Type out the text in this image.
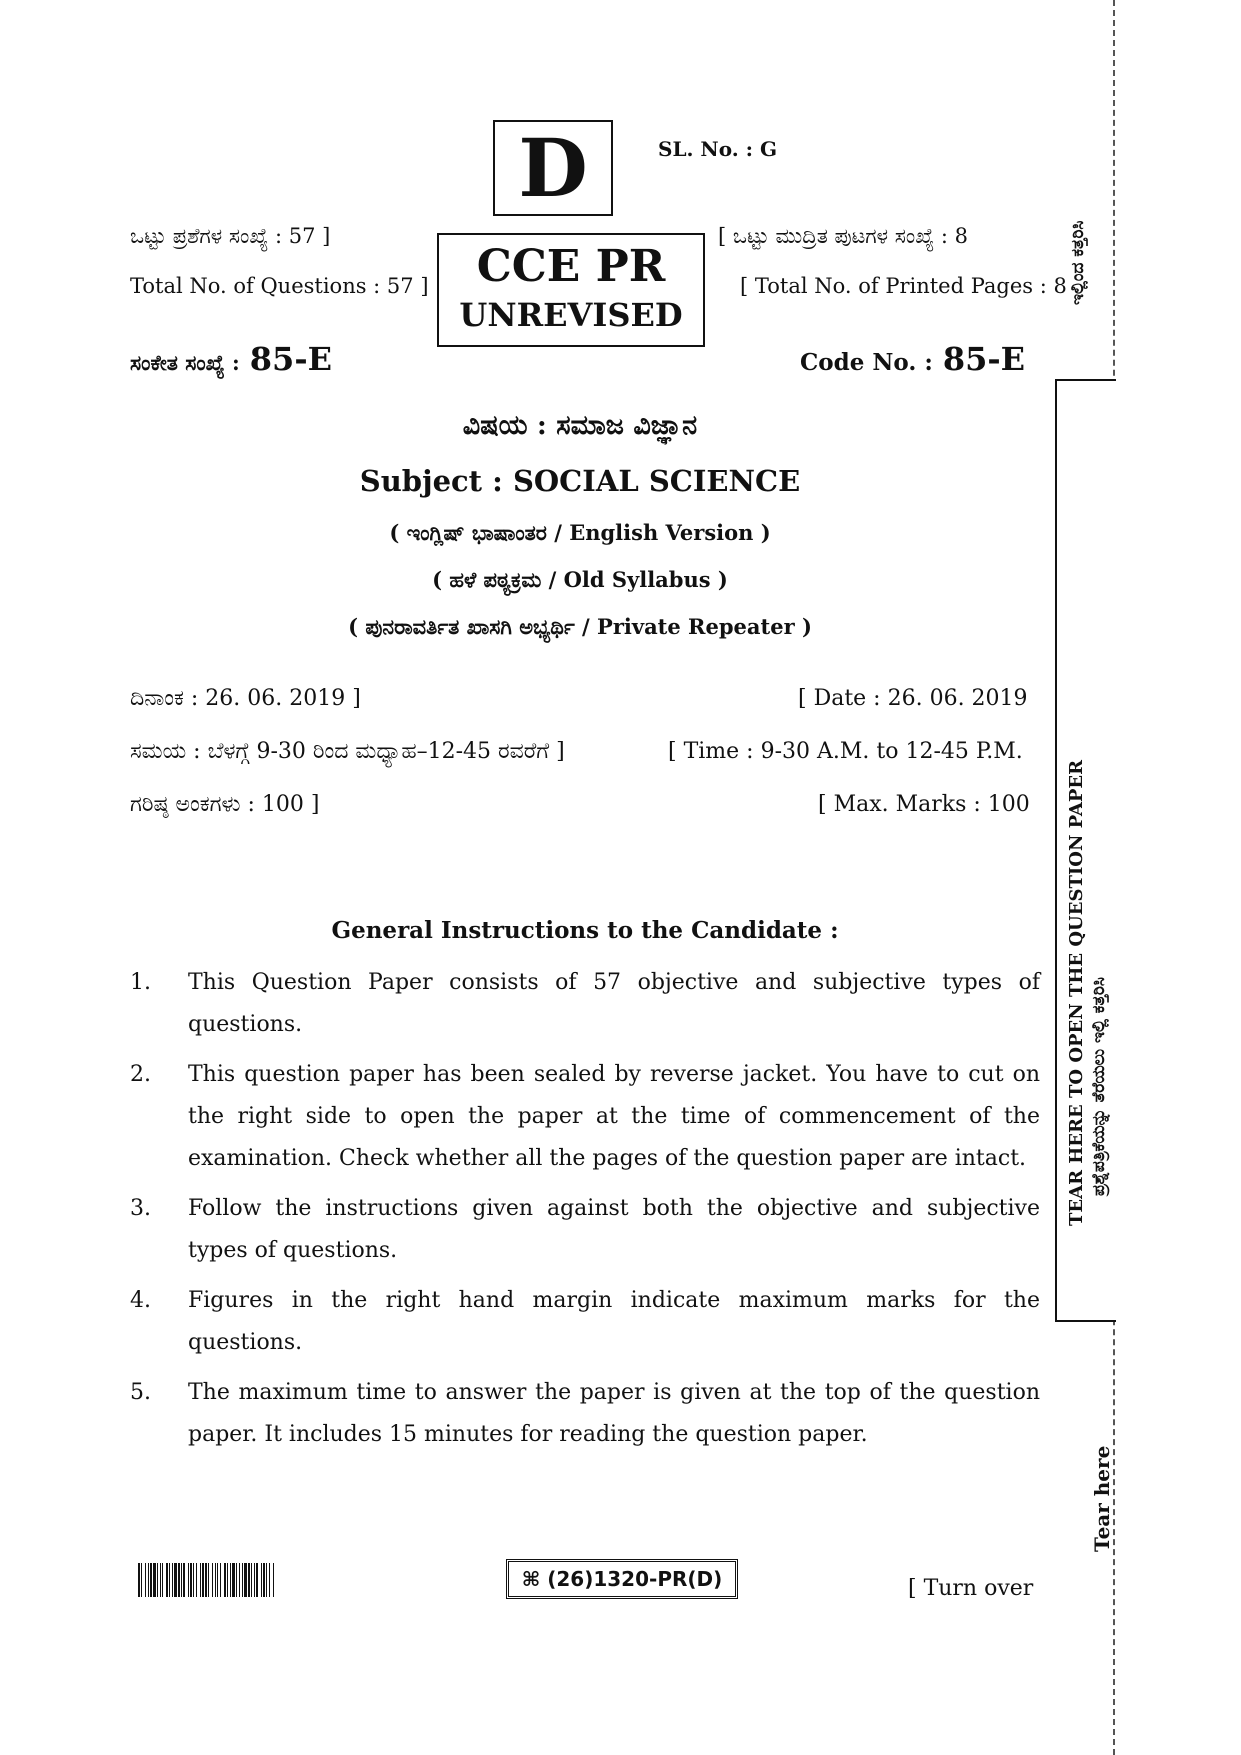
D	SL. No. : G
CCE PR
UNREVISED
ಒಟ್ಟು ಪ್ರಶೆಗಳ ಸಂಖ್ಯೆ : 57 ]
Total No. of Questions : 57 ]
[ ಒಟ್ಟು ಮುದ್ರಿತ ಪುಟಗಳ ಸಂಖ್ಯೆ : 8
[ Total No. of Printed Pages : 8
ಸಂಕೇತ ಸಂಖ್ಯೆ : 85-E	Code No. : 85-E
ವಿಷಯ : ಸಮಾಜ ವಿಜ್ಞಾನ
Subject : SOCIAL SCIENCE
( ಇಂಗ್ಲಿಷ್ ಭಾಷಾಂತರ / English Version )
( ಹಳೆ ಪಠ್ಯಕ್ರಮ / Old Syllabus )
( ಪುನರಾವರ್ತಿತ ಖಾಸಗಿ ಅಭ್ಯರ್ಥಿ / Private Repeater )
ದಿನಾಂಕ : 26. 06. 2019 ]	[ Date : 26. 06. 2019
ಸಮಯ : ಬೆಳಗ್ಗೆ 9-30 ರಿಂದ ಮಧ್ಯಾಹ–12-45 ರವರೆಗೆ ]	[ Time : 9-30 A.M. to 12-45 P.M.
ಗರಿಷ್ಠ ಅಂಕಗಳು : 100 ]	[ Max. Marks : 100
General Instructions to the Candidate :
1.	This Question Paper consists of 57 objective and subjective types of questions.
2.	This question paper has been sealed by reverse jacket. You have to cut on the right side to open the paper at the time of commencement of the examination. Check whether all the pages of the question paper are intact.
3.	Follow the instructions given against both the objective and subjective types of questions.
4.	Figures in the right hand margin indicate maximum marks for the questions.
5.	The maximum time to answer the paper is given at the top of the question paper. It includes 15 minutes for reading the question paper.
⌘ (26)1320-PR(D)	[ Turn over
ಇಲ್ಲಿಂದ ಕತ್ತರಿಸಿ
TEAR HERE TO OPEN THE QUESTION PAPER ಪ್ರಶ್ನೆಪತ್ರಿಕೆಯನ್ನು ತೆರೆಯಲು ಇಲ್ಲಿ ಕತ್ತರಿಸಿ
Tear here
